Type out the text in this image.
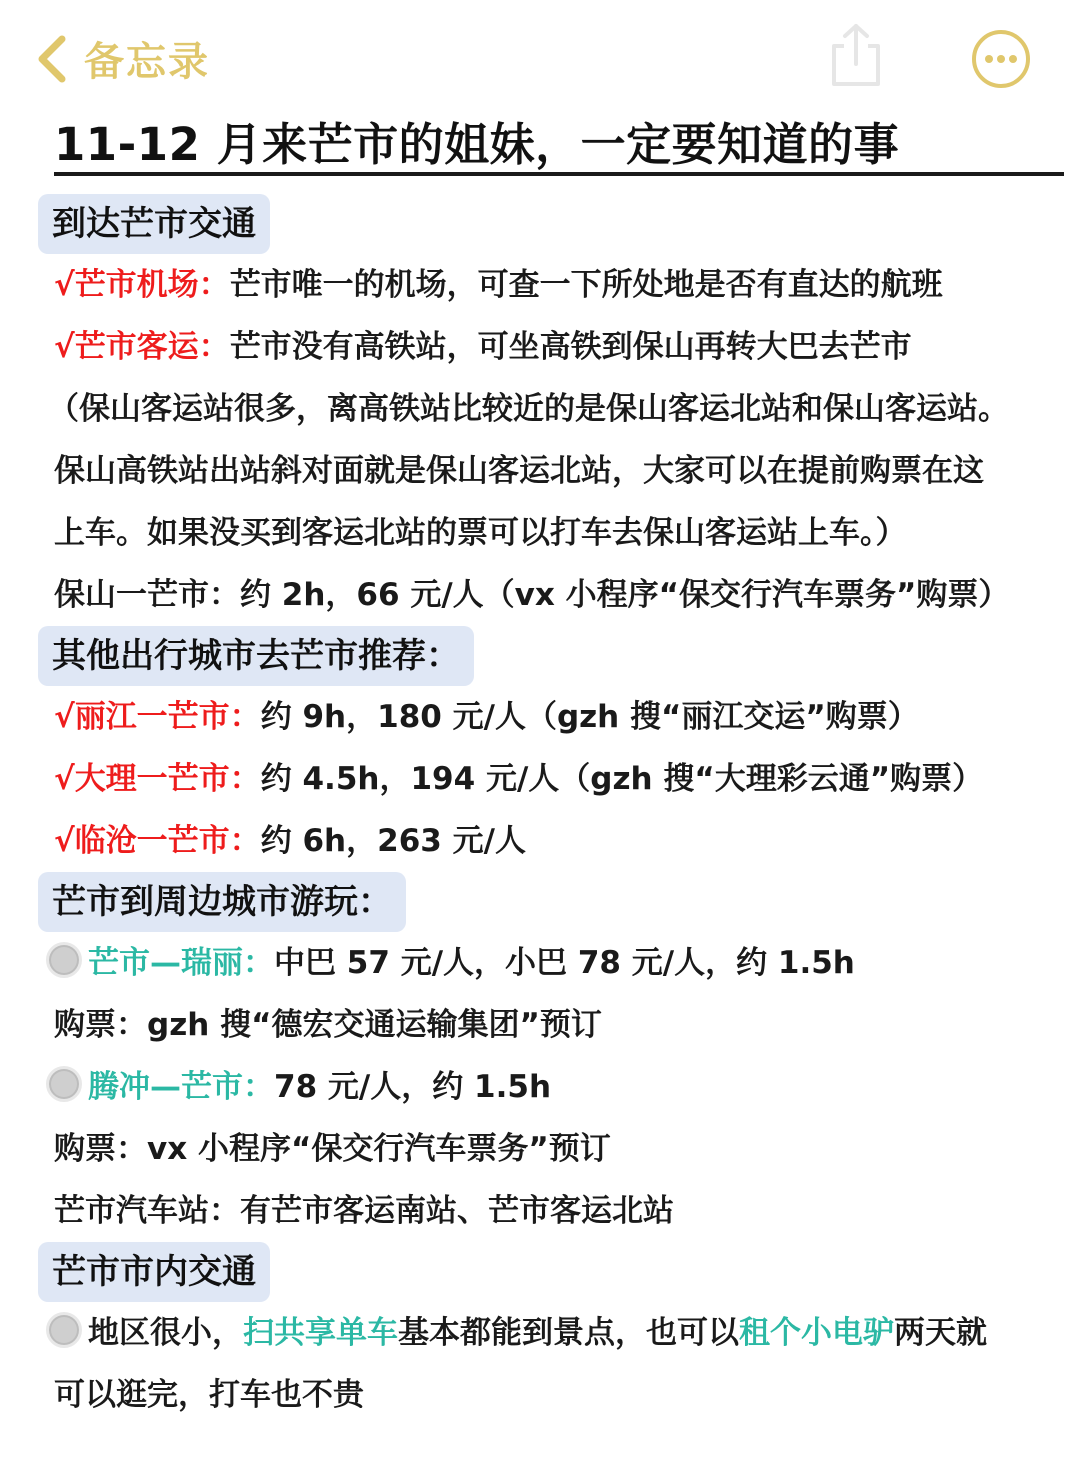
备忘录
11-12 月来芒市的姐妹，一定要知道的事
到达芒市交通
√芒市机场：芒市唯一的机场，可查一下所处地是否有直达的航班
√芒市客运：芒市没有高铁站，可坐高铁到保山再转大巴去芒市
（保山客运站很多，离高铁站比较近的是保山客运北站和保山客运站。
保山高铁站出站斜对面就是保山客运北站，大家可以在提前购票在这
上车。如果没买到客运北站的票可以打车去保山客运站上车。）
保山一芒市：约 2h，66 元/人（vx 小程序“保交行汽车票务”购票）
其他出行城市去芒市推荐：
√丽江一芒市：约 9h，180 元/人（gzh 搜“丽江交运”购票）
√大理一芒市：约 4.5h，194 元/人（gzh 搜“大理彩云通”购票）
√临沧一芒市：约 6h，263 元/人
芒市到周边城市游玩：
芒市—瑞丽：中巴 57 元/人，小巴 78 元/人，约 1.5h
购票：gzh 搜“德宏交通运输集团”预订
腾冲—芒市：78 元/人，约 1.5h
购票：vx 小程序“保交行汽车票务”预订
芒市汽车站：有芒市客运南站、芒市客运北站
芒市市内交通
地区很小，扫共享单车基本都能到景点，也可以租个小电驴两天就
可以逛完，打车也不贵
